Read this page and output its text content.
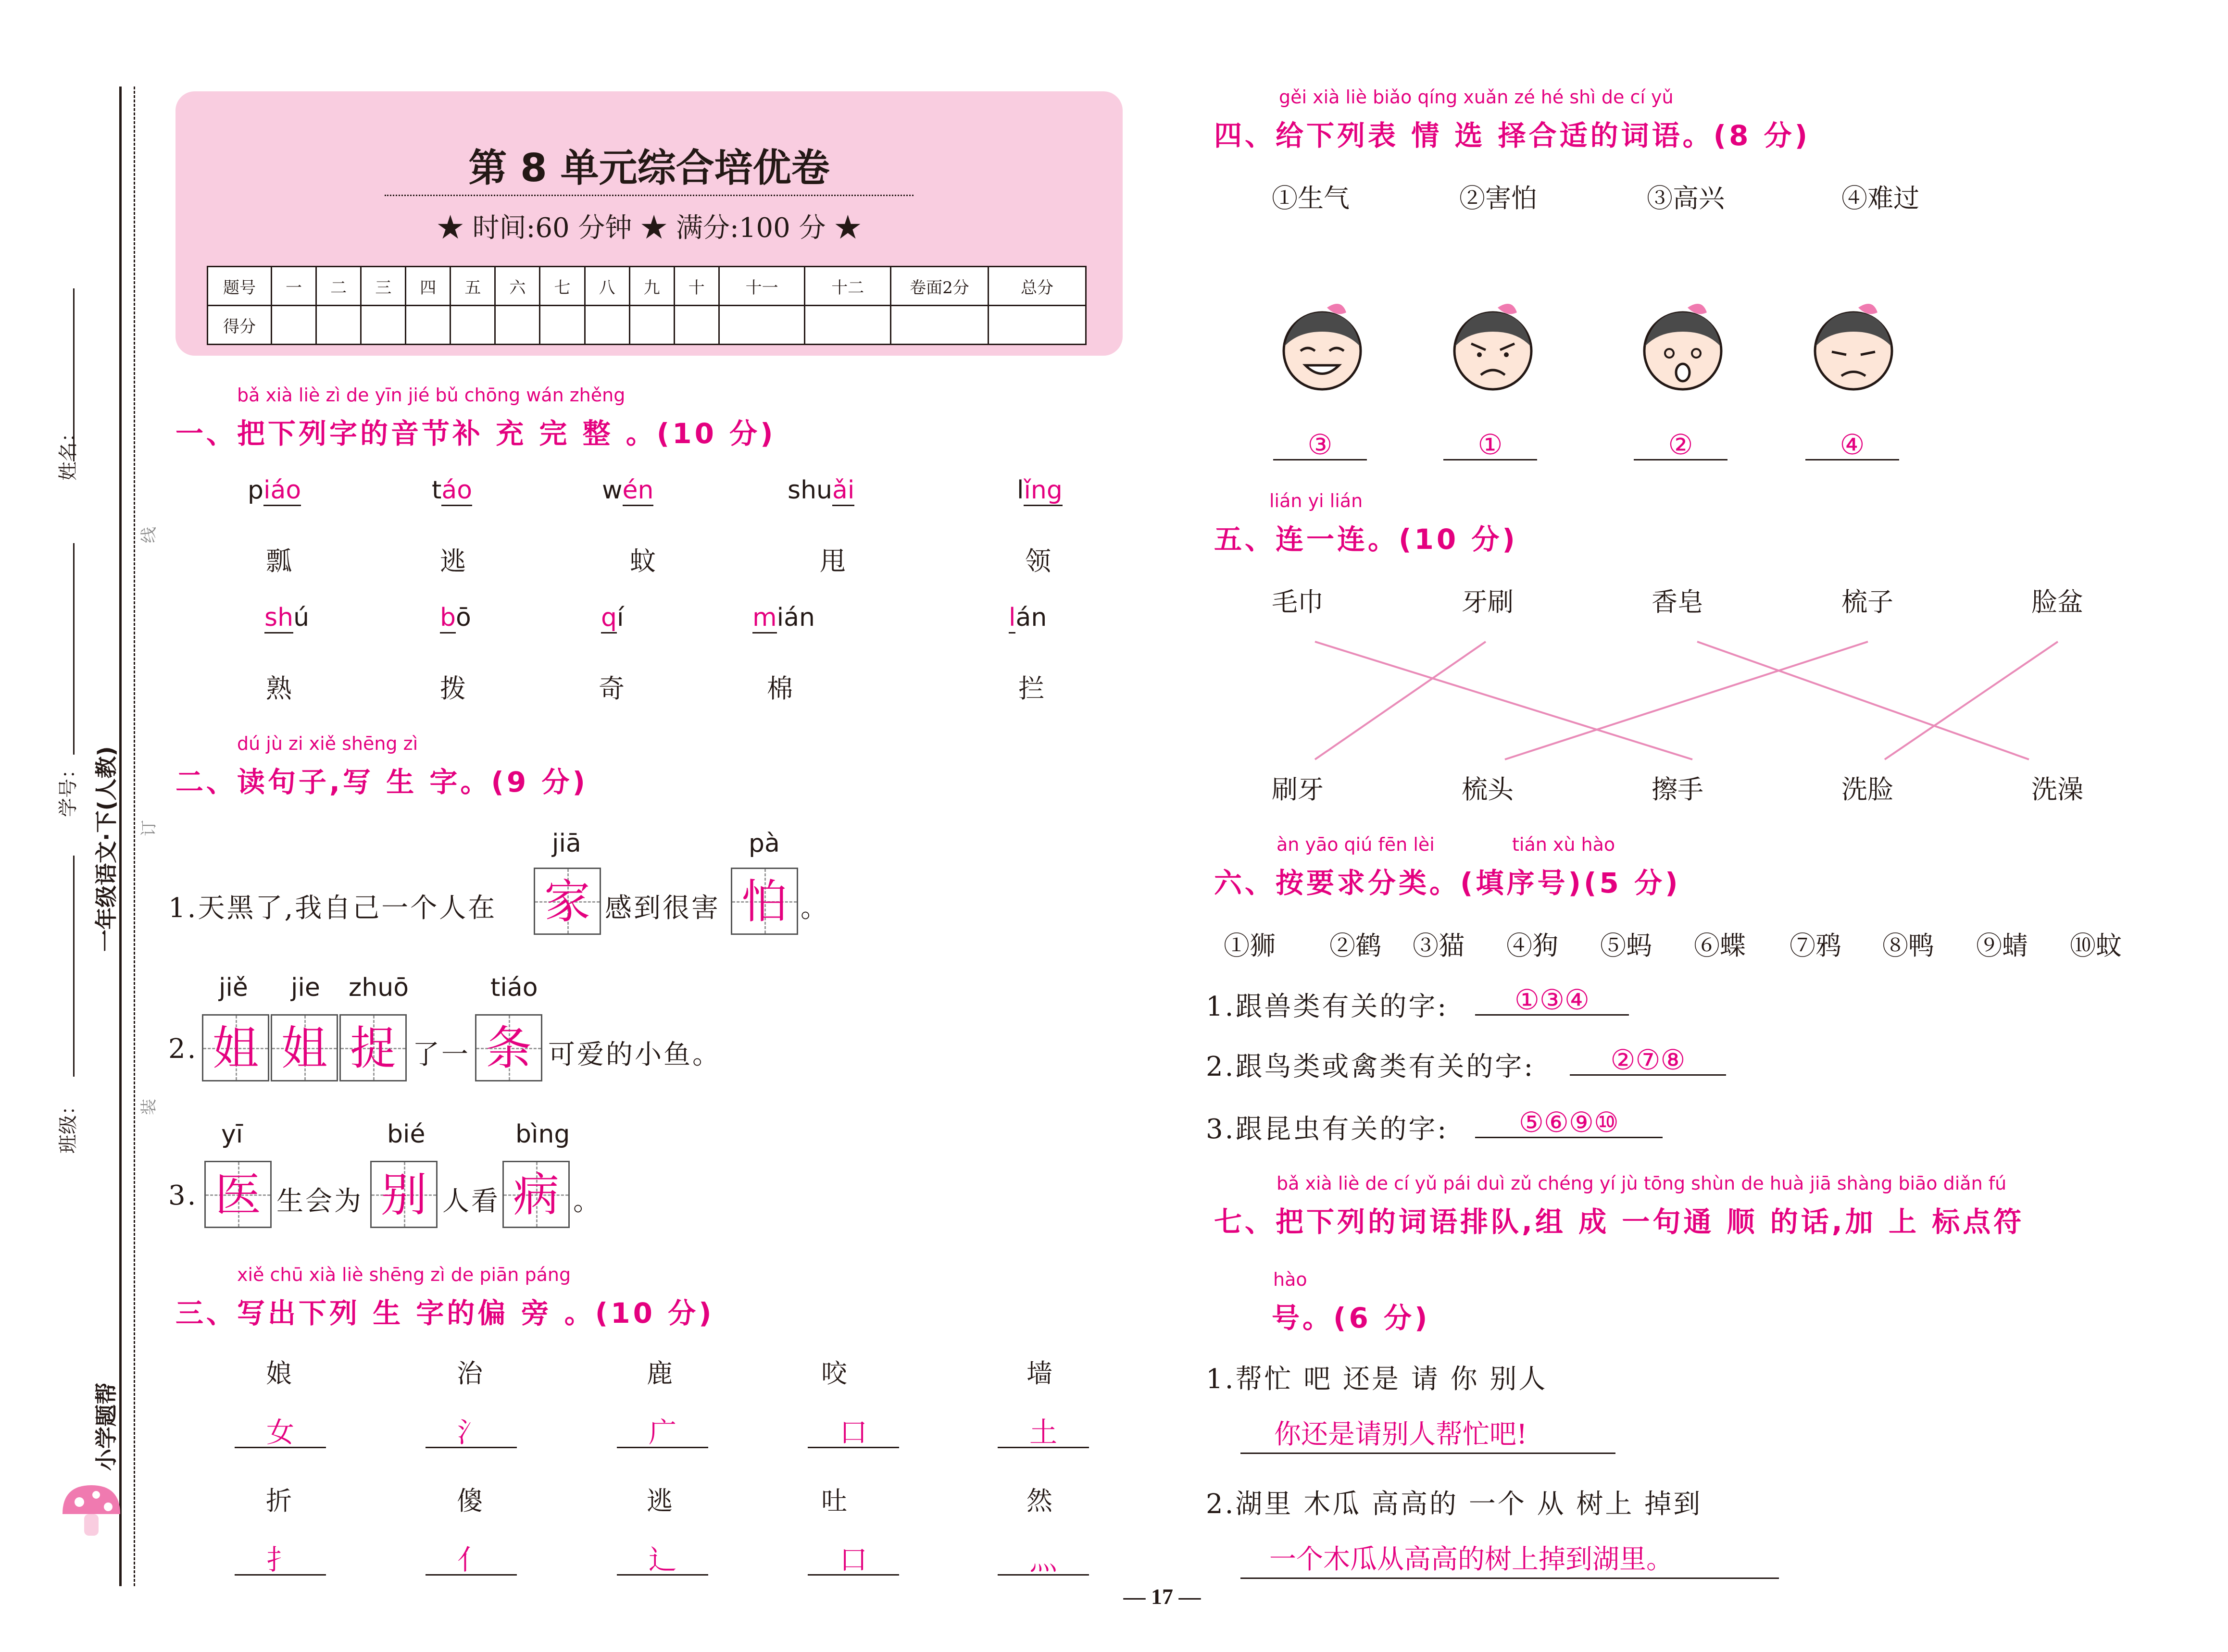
姓名：
学号：
班级：
一年级语文·下(人教)
线
订
装
小学题帮
第 8 单元综合培优卷
★ 时间:60 分钟 ★ 满分:100 分 ★
题号	一	二	三	四	五	六	七	八	九	十	十一	十二	卷面2分	总分
得分														
bǎ xià liè zì de yīn jié bǔ chōng wán zhěng
一、把下列字的音节补 充 完 整 。(10 分)
piáo	táo	wén	shuǎi	lǐng
瓢	逃	蚊	甩	领
shú	bō	qí	mián	lán
熟	拨	奇	棉	拦
dú jù zi xiě shēng zì
二、读句子,写 生 字。(9 分)
jiā	pà
1.天黑了,我自己一个人在 家 感到很害 怕 。
jiě jie zhuō	tiáo
2. 姐 姐 捉 了一 条 可爱的小鱼。
yī	bié	bìng
3. 医 生会为 别 人看 病 。
xiě chū xià liè shēng zì de piān páng
三、写出下列 生 字的偏 旁 。(10 分)
娘	治	鹿	咬	墙
女	氵	广	口	土
折	傻	逃	吐	然
扌	亻	辶	口	灬
gěi xià liè biǎo qíng xuǎn zé hé shì de cí yǔ
四、给下列表 情 选 择合适的词语。(8 分)
①生气	②害怕	③高兴	④难过
③	①	②	④
lián yi lián
五、连一连。(10 分)
毛巾	牙刷	香皂	梳子	脸盆
刷牙	梳头	擦手	洗脸	洗澡
àn yāo qiú fēn lèi	tián xù hào
六、按要求分类。(填序号)(5 分)
①狮 ②鹤 ③猫 ④狗 ⑤蚂 ⑥蝶 ⑦鸦 ⑧鸭 ⑨蜻 ⑩蚊
1.跟兽类有关的字:	①③④
2.跟鸟类或禽类有关的字:	②⑦⑧
3.跟昆虫有关的字:	⑤⑥⑨⑩
bǎ xià liè de cí yǔ pái duì zǔ chéng yí jù tōng shùn de huà jiā shàng biāo diǎn fú
七、把下列的词语排队,组 成 一句通 顺 的话,加 上 标点符
hào
号。(6 分)
1.帮忙 吧 还是 请 你 别人
你还是请别人帮忙吧!
2.湖里 木瓜 高高的 一个 从 树上 掉到
一个木瓜从高高的树上掉到湖里。
— 17 —
